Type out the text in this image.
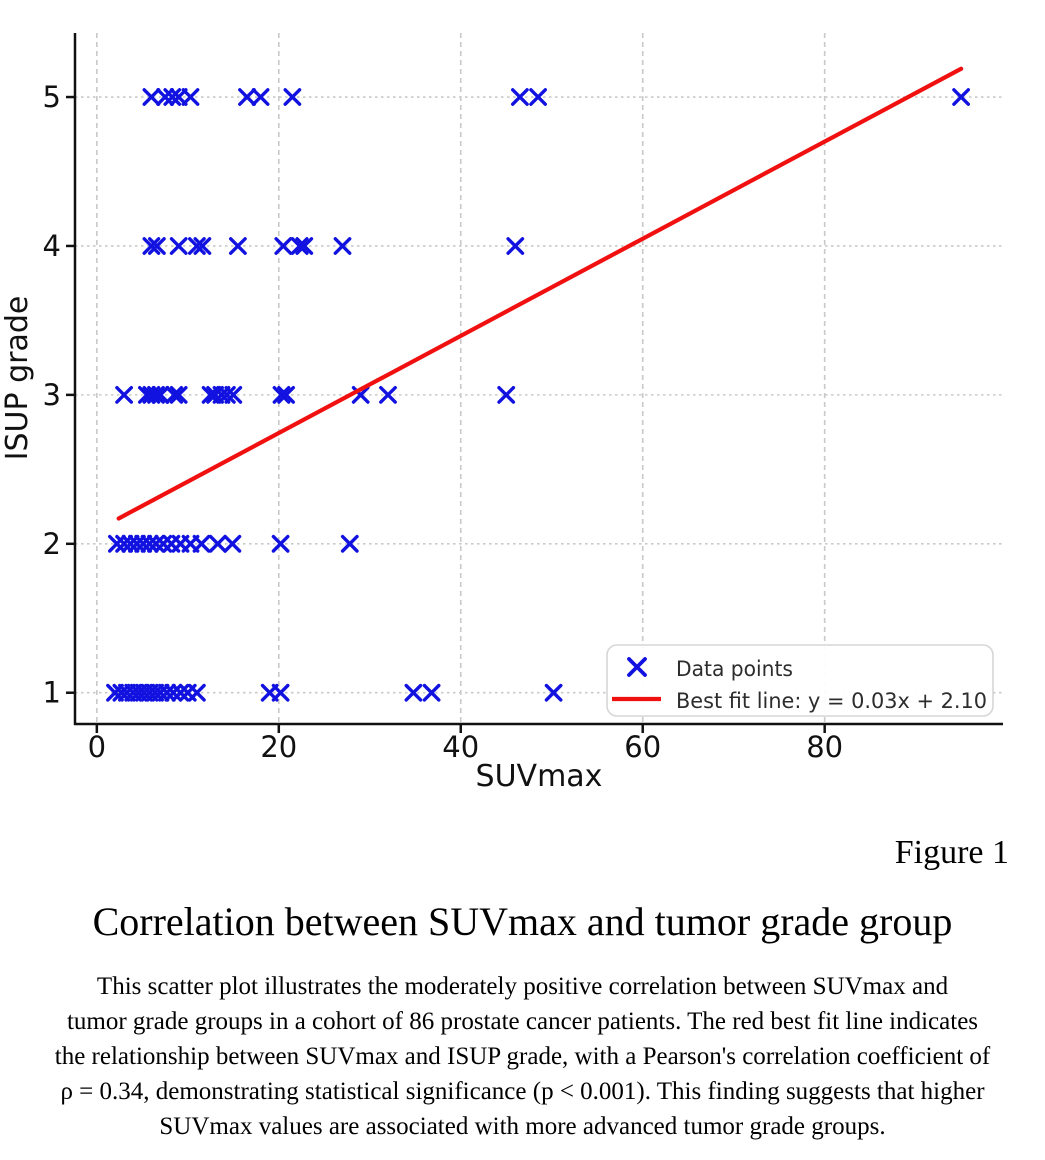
0	20	40	60	80
1
2
3
4
5
SUVmax
ISUP grade
Data points
Best fit line: y = 0.03x + 2.10
Figure 1
Correlation between SUVmax and tumor grade group
This scatter plot illustrates the moderately positive correlation between SUVmax and
tumor grade groups in a cohort of 86 prostate cancer patients. The red best fit line indicates
the relationship between SUVmax and ISUP grade, with a Pearson's correlation coefficient of
ρ = 0.34, demonstrating statistical significance (p < 0.001). This finding suggests that higher
SUVmax values are associated with more advanced tumor grade groups.
